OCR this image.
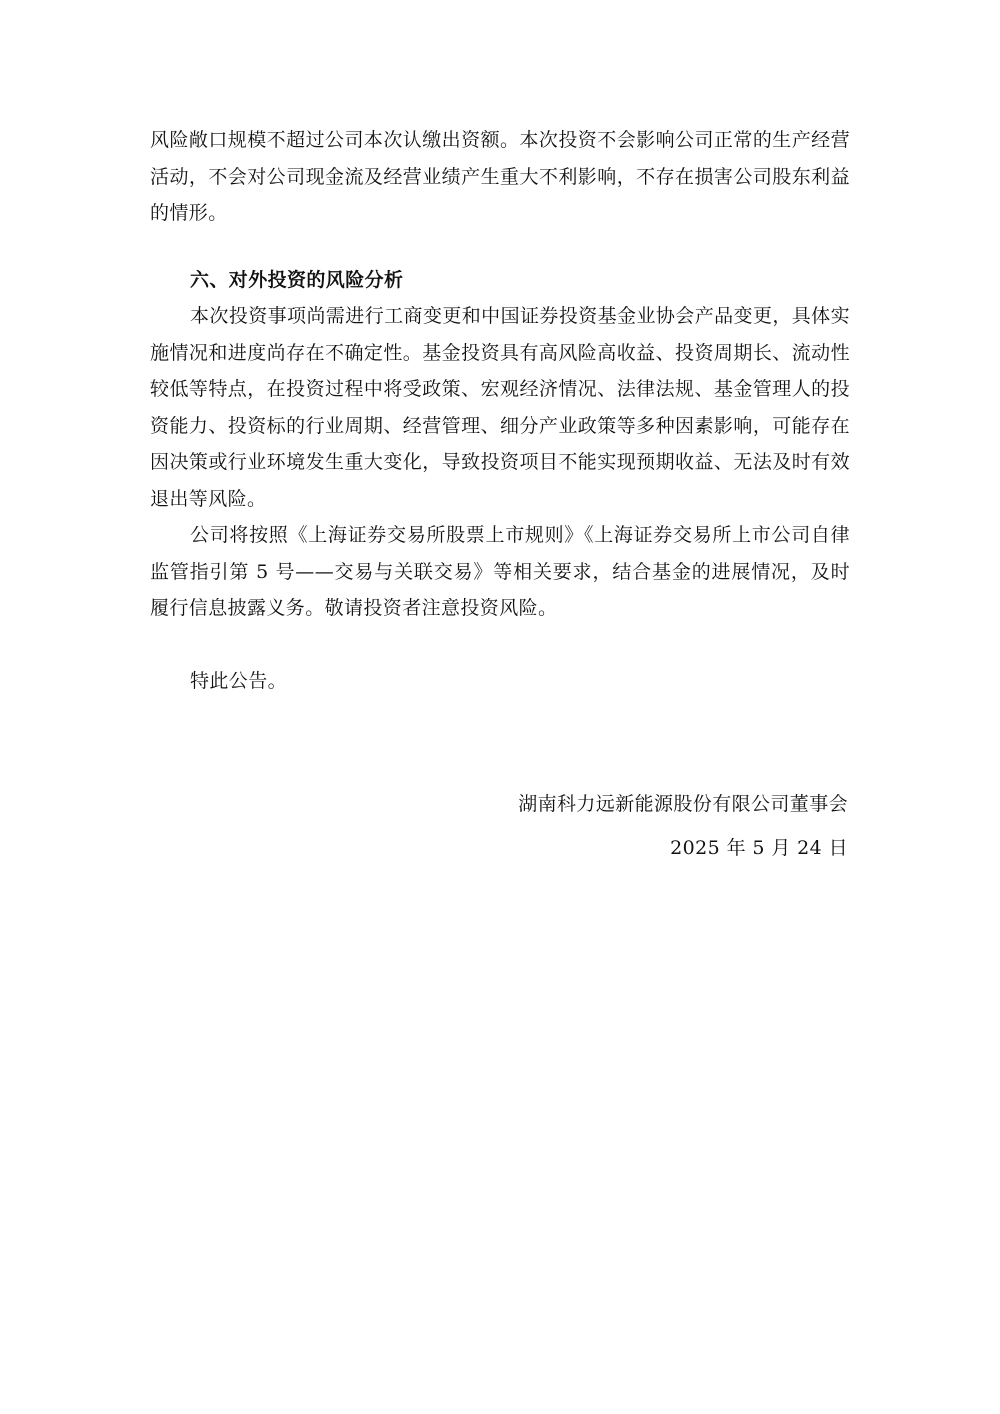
风险敞口规模不超过公司本次认缴出资额。本次投资不会影响公司正常的生产经营活动，不会对公司现金流及经营业绩产生重大不利影响，不存在损害公司股东利益的情形。

六、对外投资的风险分析

本次投资事项尚需进行工商变更和中国证券投资基金业协会产品变更，具体实施情况和进度尚存在不确定性。基金投资具有高风险高收益、投资周期长、流动性较低等特点，在投资过程中将受政策、宏观经济情况、法律法规、基金管理人的投资能力、投资标的行业周期、经营管理、细分产业政策等多种因素影响，可能存在因决策或行业环境发生重大变化，导致投资项目不能实现预期收益、无法及时有效退出等风险。

公司将按照《上海证券交易所股票上市规则》《上海证券交易所上市公司自律监管指引第 5 号——交易与关联交易》等相关要求，结合基金的进展情况，及时履行信息披露义务。敬请投资者注意投资风险。

特此公告。

湖南科力远新能源股份有限公司董事会
2025 年 5 月 24 日
